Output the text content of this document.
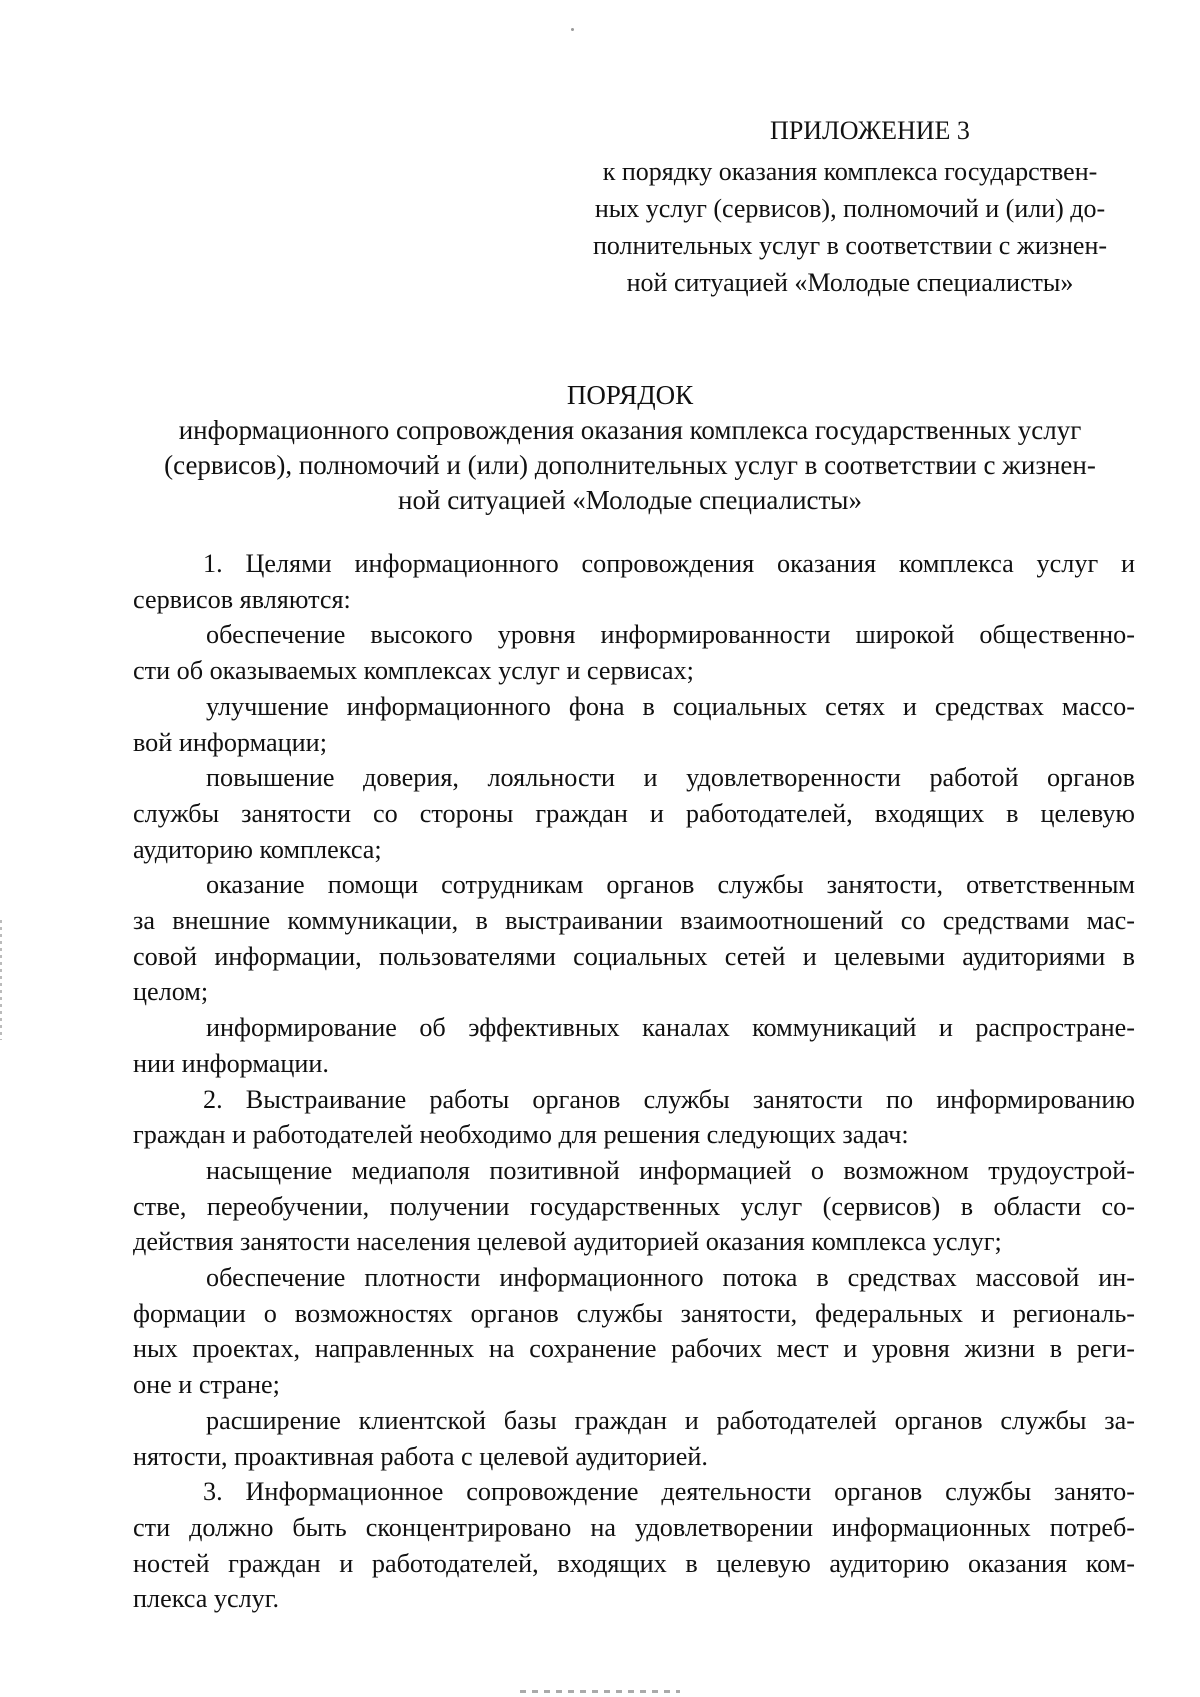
ПРИЛОЖЕНИЕ 3
к порядку оказания комплекса государствен-
ных услуг (сервисов), полномочий и (или) до-
полнительных услуг в соответствии с жизнен-
ной ситуацией «Молодые специалисты»
ПОРЯДОК
информационного сопровождения оказания комплекса государственных услуг
(сервисов), полномочий и (или) дополнительных услуг в соответствии с жизнен-
ной ситуацией «Молодые специалисты»

1. Целями информационного сопровождения оказания комплекса услуг и
сервисов являются:

обеспечение высокого уровня информированности широкой общественно-
сти об оказываемых комплексах услуг и сервисах;

улучшение информационного фона в социальных сетях и средствах массо-
вой информации;

повышение доверия, лояльности и удовлетворенности работой органов
службы занятости со стороны граждан и работодателей, входящих в целевую
аудиторию комплекса;

оказание помощи сотрудникам органов службы занятости, ответственным
за внешние коммуникации, в выстраивании взаимоотношений со средствами мас-
совой информации, пользователями социальных сетей и целевыми аудиториями в
целом;

информирование об эффективных каналах коммуникаций и распростране-
нии информации.

2. Выстраивание работы органов службы занятости по информированию
граждан и работодателей необходимо для решения следующих задач:

насыщение медиаполя позитивной информацией о возможном трудоустрой-
стве, переобучении, получении государственных услуг (сервисов) в области со-
действия занятости населения целевой аудиторией оказания комплекса услуг;

обеспечение плотности информационного потока в средствах массовой ин-
формации о возможностях органов службы занятости, федеральных и региональ-
ных проектах, направленных на сохранение рабочих мест и уровня жизни в реги-
оне и стране;

расширение клиентской базы граждан и работодателей органов службы за-
нятости, проактивная работа с целевой аудиторией.

3. Информационное сопровождение деятельности органов службы занято-
сти должно быть сконцентрировано на удовлетворении информационных потреб-
ностей граждан и работодателей, входящих в целевую аудиторию оказания ком-
плекса услуг.
